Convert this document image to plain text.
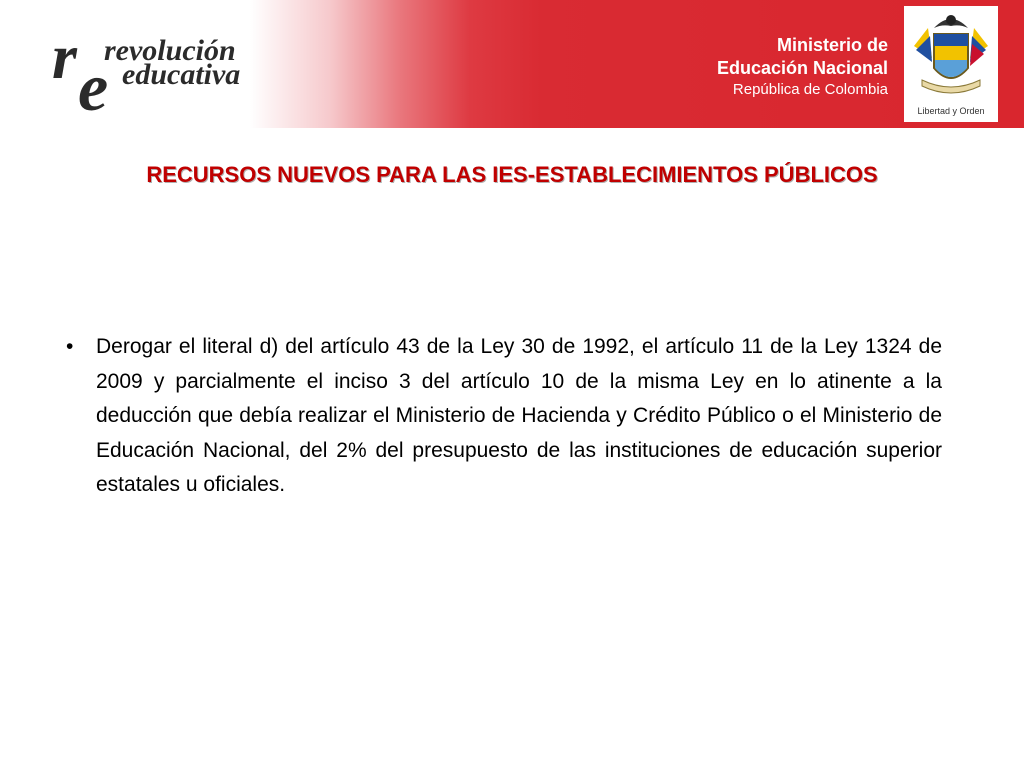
r e
revolución
educativa
Ministerio de
Educación Nacional
República de Colombia
Libertad y Orden
RECURSOS NUEVOS PARA LAS IES-ESTABLECIMIENTOS PÚBLICOS
• Derogar el literal d) del artículo 43 de la Ley 30 de 1992, el artículo 11 de la Ley 1324 de 2009 y parcialmente el inciso 3 del artículo 10 de la misma Ley en lo atinente a la deducción que debía realizar el Ministerio de Hacienda y Crédito Público o el Ministerio de Educación Nacional, del 2% del presupuesto de las instituciones de educación superior estatales u oficiales.
